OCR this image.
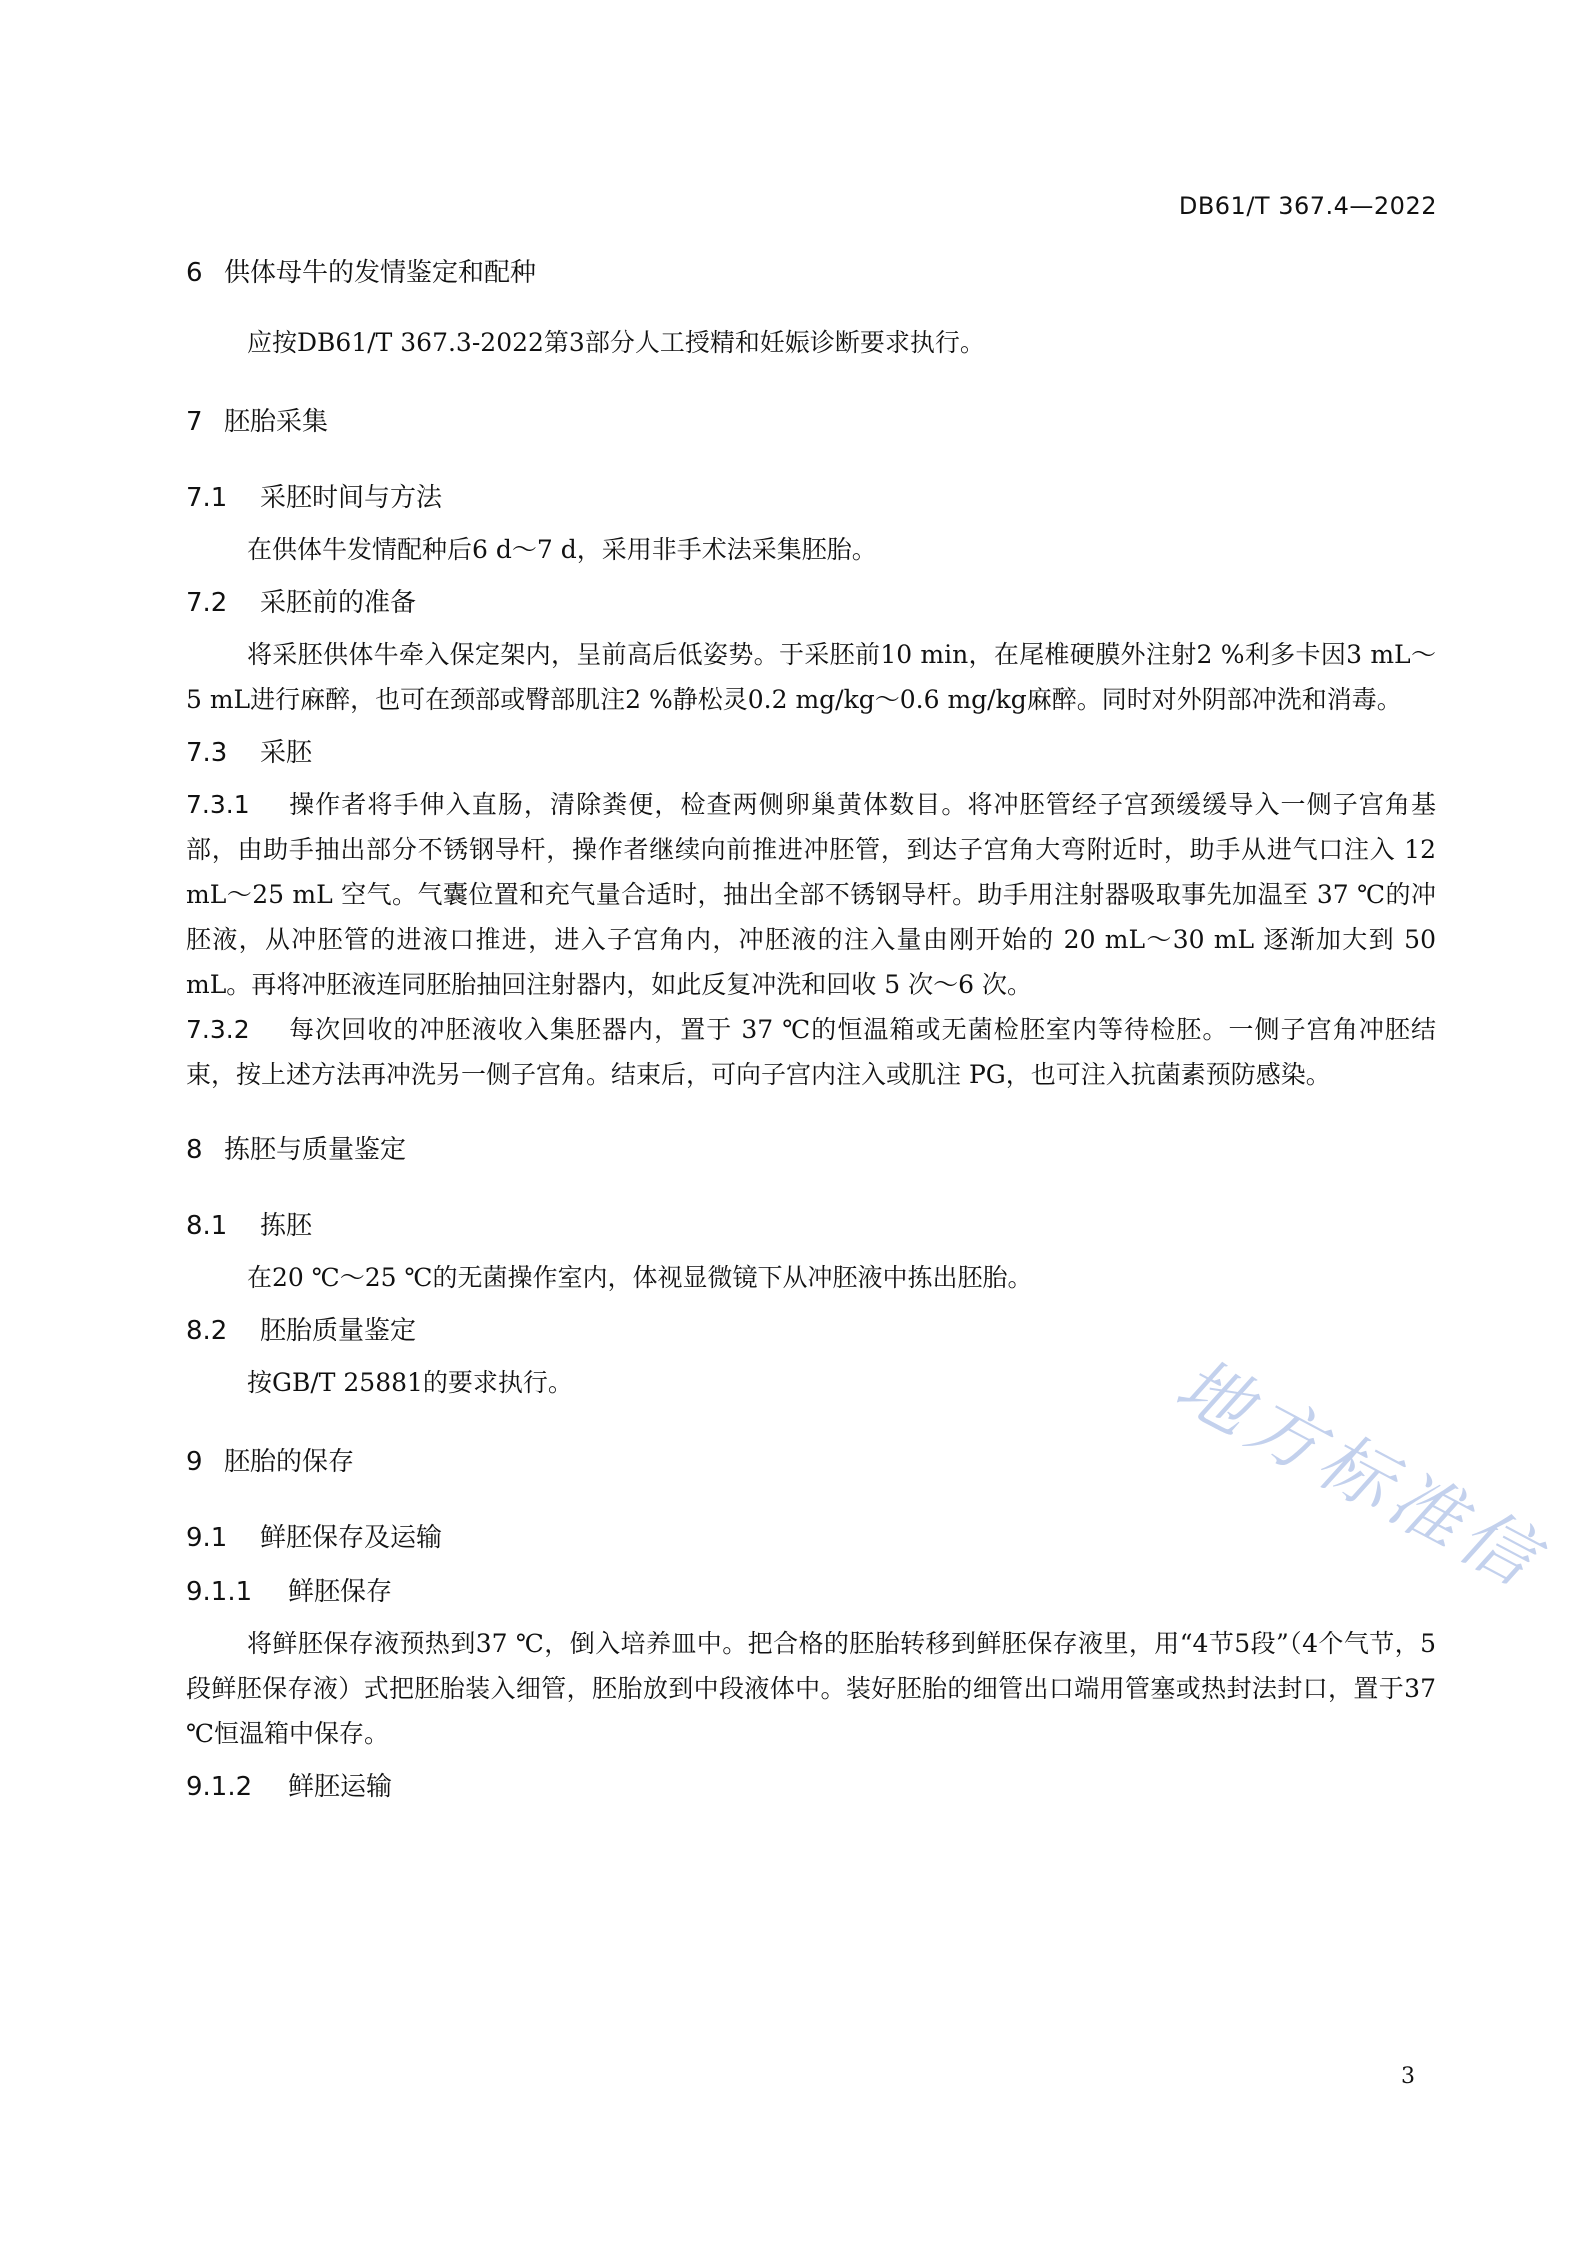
DB61/T 367.4—2022
地方标准信
6 供体母牛的发情鉴定和配种

应按DB61/T 367.3-2022第3部分人工授精和妊娠诊断要求执行。

7 胚胎采集
7.1 采胚时间与方法

在供体牛发情配种后6 d～7 d，采用非手术法采集胚胎。

7.2 采胚前的准备

将采胚供体牛牵入保定架内，呈前高后低姿势。于采胚前10 min，在尾椎硬膜外注射2 %利多卡因3 mL～5 mL进行麻醉，也可在颈部或臀部肌注2 %静松灵0.2 mg/kg～0.6 mg/kg麻醉。同时对外阴部冲洗和消毒。

7.3 采胚

7.3.1 操作者将手伸入直肠，清除粪便，检查两侧卵巢黄体数目。将冲胚管经子宫颈缓缓导入一侧子宫角基部，由助手抽出部分不锈钢导杆，操作者继续向前推进冲胚管，到达子宫角大弯附近时，助手从进气口注入 12 mL～25 mL 空气。气囊位置和充气量合适时，抽出全部不锈钢导杆。助手用注射器吸取事先加温至 37 ℃的冲胚液，从冲胚管的进液口推进，进入子宫角内，冲胚液的注入量由刚开始的 20 mL～30 mL 逐渐加大到 50 mL。再将冲胚液连同胚胎抽回注射器内，如此反复冲洗和回收 5 次～6 次。

7.3.2 每次回收的冲胚液收入集胚器内，置于 37 ℃的恒温箱或无菌检胚室内等待检胚。一侧子宫角冲胚结束，按上述方法再冲洗另一侧子宫角。结束后，可向子宫内注入或肌注 PG，也可注入抗菌素预防感染。

8 拣胚与质量鉴定
8.1 拣胚

在20 ℃～25 ℃的无菌操作室内，体视显微镜下从冲胚液中拣出胚胎。

8.2 胚胎质量鉴定

按GB/T 25881的要求执行。

9 胚胎的保存
9.1 鲜胚保存及运输
9.1.1 鲜胚保存

将鲜胚保存液预热到37 ℃，倒入培养皿中。把合格的胚胎转移到鲜胚保存液里，用“4节5段”（4个气节，5段鲜胚保存液）式把胚胎装入细管，胚胎放到中段液体中。装好胚胎的细管出口端用管塞或热封法封口，置于37 ℃恒温箱中保存。

9.1.2 鲜胚运输
3
